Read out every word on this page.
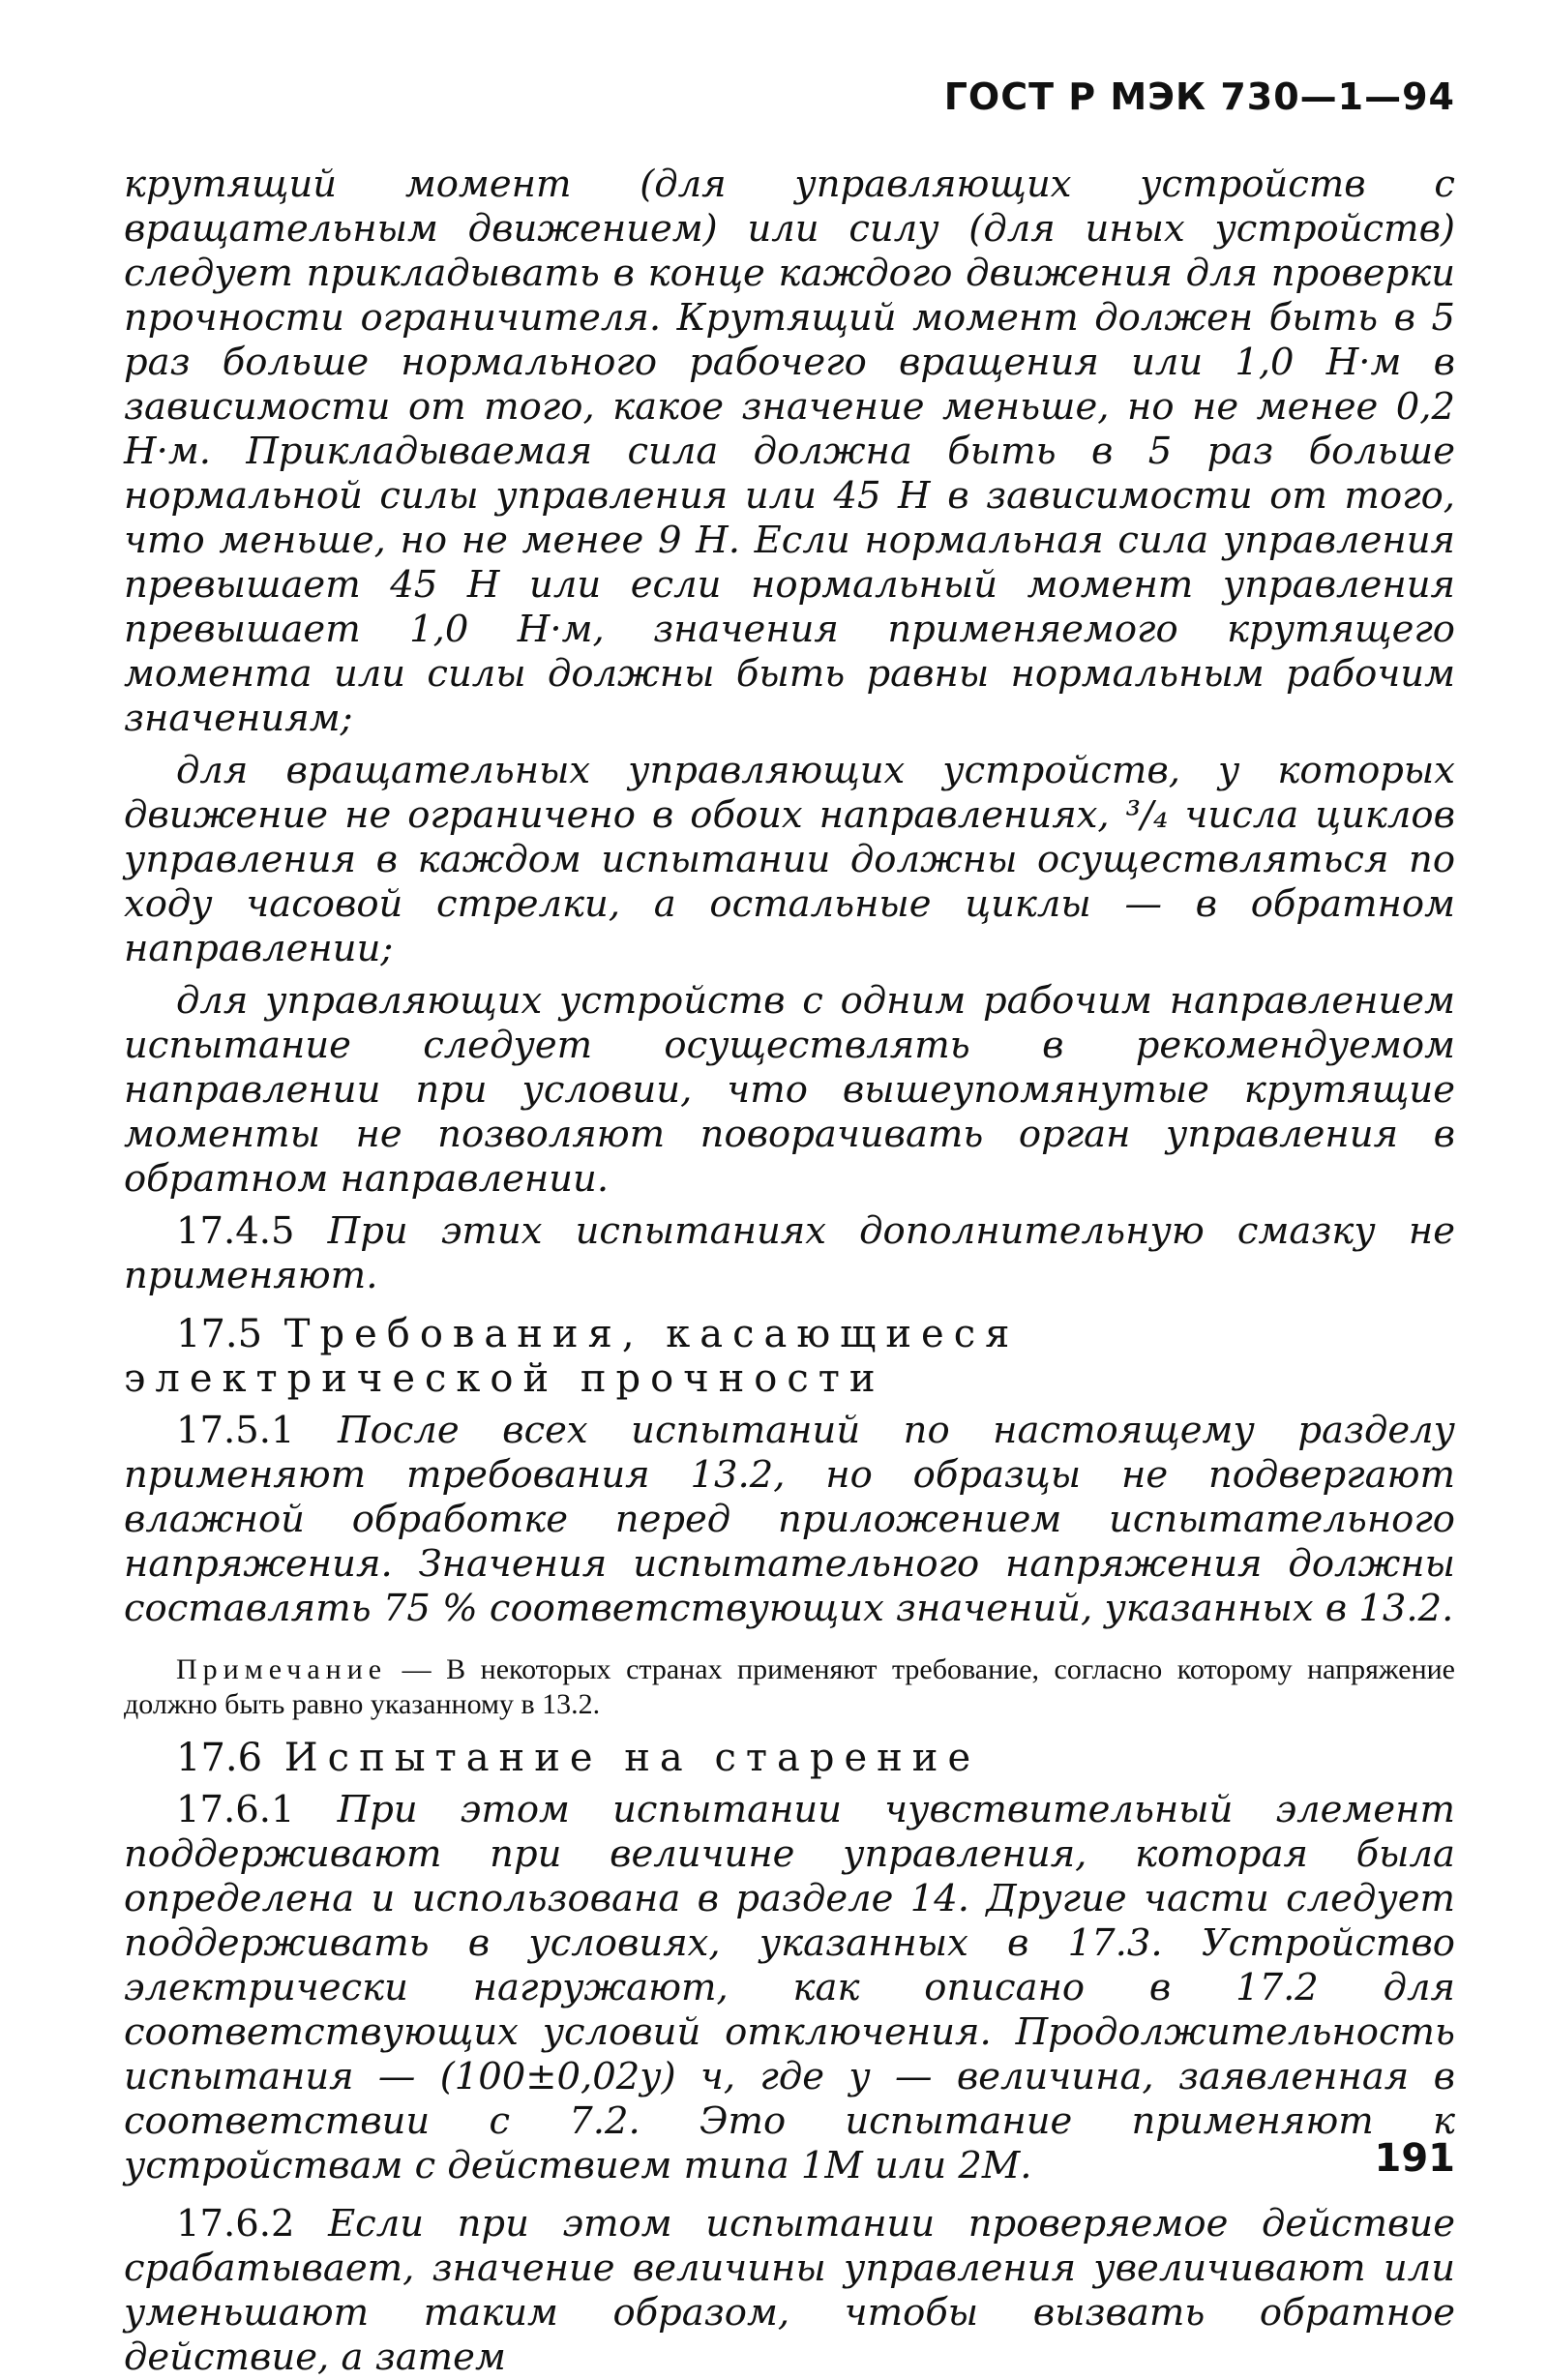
ГОСТ Р МЭК 730—1—94

крутящий момент (для управляющих устройств с вращательным движением) или силу (для иных устройств) следует прикладывать в конце каждого движения для проверки прочности ограничителя. Крутящий момент должен быть в 5 раз больше нормального рабочего вращения или 1,0 Н·м в зависимости от того, какое значение меньше, но не менее 0,2 Н·м. Прикладываемая сила должна быть в 5 раз больше нормальной силы управления или 45 Н в зависимости от того, что меньше, но не менее 9 Н. Если нормальная сила управления превышает 45 Н или если нормальный момент управления превышает 1,0 Н·м, значения применяемого крутящего момента или силы должны быть равны нормальным рабочим значениям;

для вращательных управляющих устройств, у которых движение не ограничено в обоих направлениях, ³/₄ числа циклов управления в каждом испытании должны осуществляться по ходу часовой стрелки, а остальные циклы — в обратном направлении;

для управляющих устройств с одним рабочим направлением испытание следует осуществлять в рекомендуемом направлении при условии, что вышеупомянутые крутящие моменты не позволяют поворачивать орган управления в обратном направлении.

17.4.5 При этих испытаниях дополнительную смазку не применяют.

17.5 Требования, касающиеся электрической прочности

17.5.1 После всех испытаний по настоящему разделу применяют требования 13.2, но образцы не подвергают влажной обработке перед приложением испытательного напряжения. Значения испытательного напряжения должны составлять 75 % соответствующих значений, указанных в 13.2.

Примечание — В некоторых странах применяют требование, согласно которому напряжение должно быть равно указанному в 13.2.

17.6 Испытание на старение

17.6.1 При этом испытании чувствительный элемент поддерживают при величине управления, которая была определена и использована в разделе 14. Другие части следует поддерживать в условиях, указанных в 17.3. Устройство электрически нагружают, как описано в 17.2 для соответствующих условий отключения. Продолжительность испытания — (100±0,02у) ч, где у — величина, заявленная в соответствии с 7.2. Это испытание применяют к устройствам с действием типа 1М или 2М.

17.6.2 Если при этом испытании проверяемое действие срабатывает, значение величины управления увеличивают или уменьшают таким образом, чтобы вызвать обратное действие, а затем

191
